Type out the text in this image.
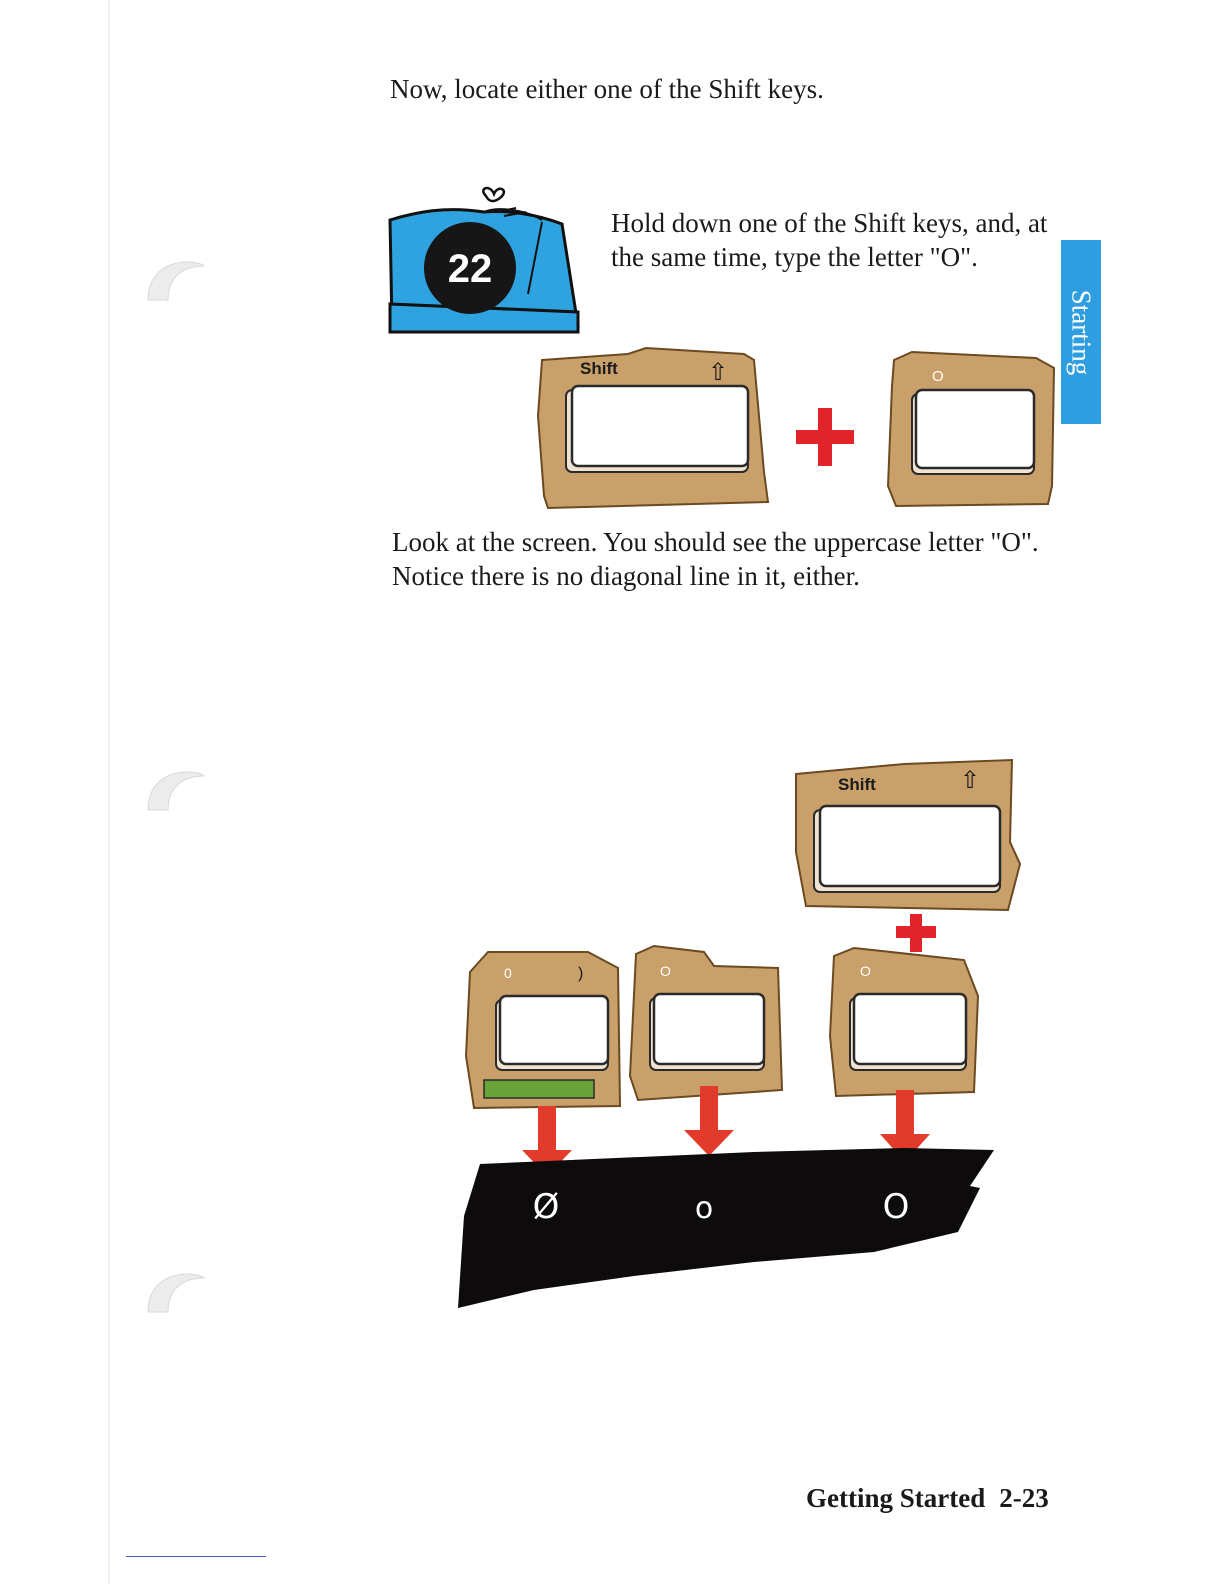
Now, locate either one of the Shift keys.

22

Hold down one of the Shift keys, and, at the same time, type the letter "O".

Starting
Shift	⇧	O

Look at the screen. You should see the uppercase letter "O". Notice there is no diagonal line in it, either.

Shift	⇧
0	)	O	O
Ø	o	O
Getting Started 2-23
